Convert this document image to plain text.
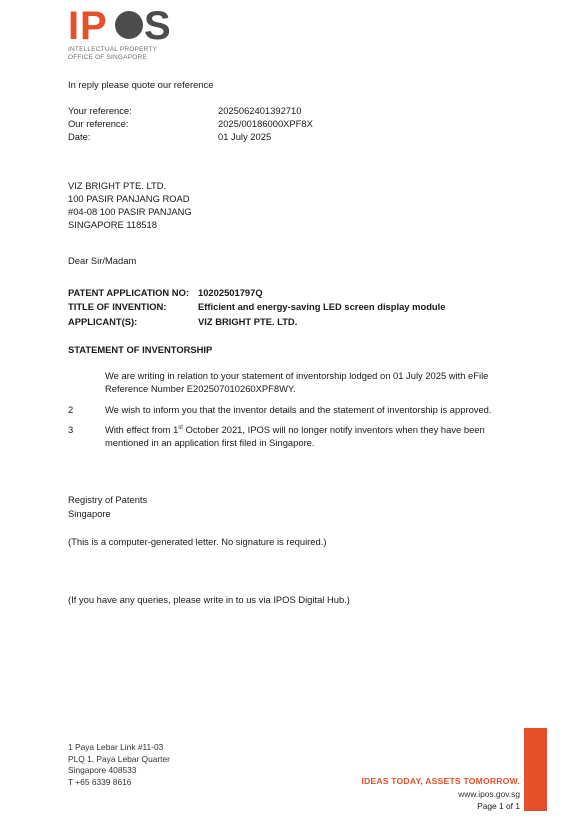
I P S
INTELLECTUAL PROPERTY
OFFICE OF SINGAPORE
In reply please quote our reference
Your reference:	2025062401392710
Our reference:	2025/00186000XPF8X
Date:	01 July 2025
VIZ BRIGHT PTE. LTD.
100 PASIR PANJANG ROAD
#04-08 100 PASIR PANJANG
SINGAPORE 118518
Dear Sir/Madam
PATENT APPLICATION NO: 10202501797Q
TITLE OF INVENTION:	Efficient and energy-saving LED screen display module
APPLICANT(S):	VIZ BRIGHT PTE. LTD.
STATEMENT OF INVENTORSHIP
We are writing in relation to your statement of inventorship lodged on 01 July 2025 with eFile
Reference Number E202507010260XPF8WY.
2	We wish to inform you that the inventor details and the statement of inventorship is approved.
3	With effect from 1st October 2021, IPOS will no longer notify inventors when they have been
mentioned in an application first filed in Singapore.
Registry of Patents
Singapore
(This is a computer-generated letter. No signature is required.)
(If you have any queries, please write in to us via IPOS Digital Hub.)
1 Paya Lebar Link #11-03
PLQ 1, Paya Lebar Quarter
Singapore 408533
T +65 6339 8616	IDEAS TODAY, ASSETS TOMORROW.
www.ipos.gov.sg
Page 1 of 1
